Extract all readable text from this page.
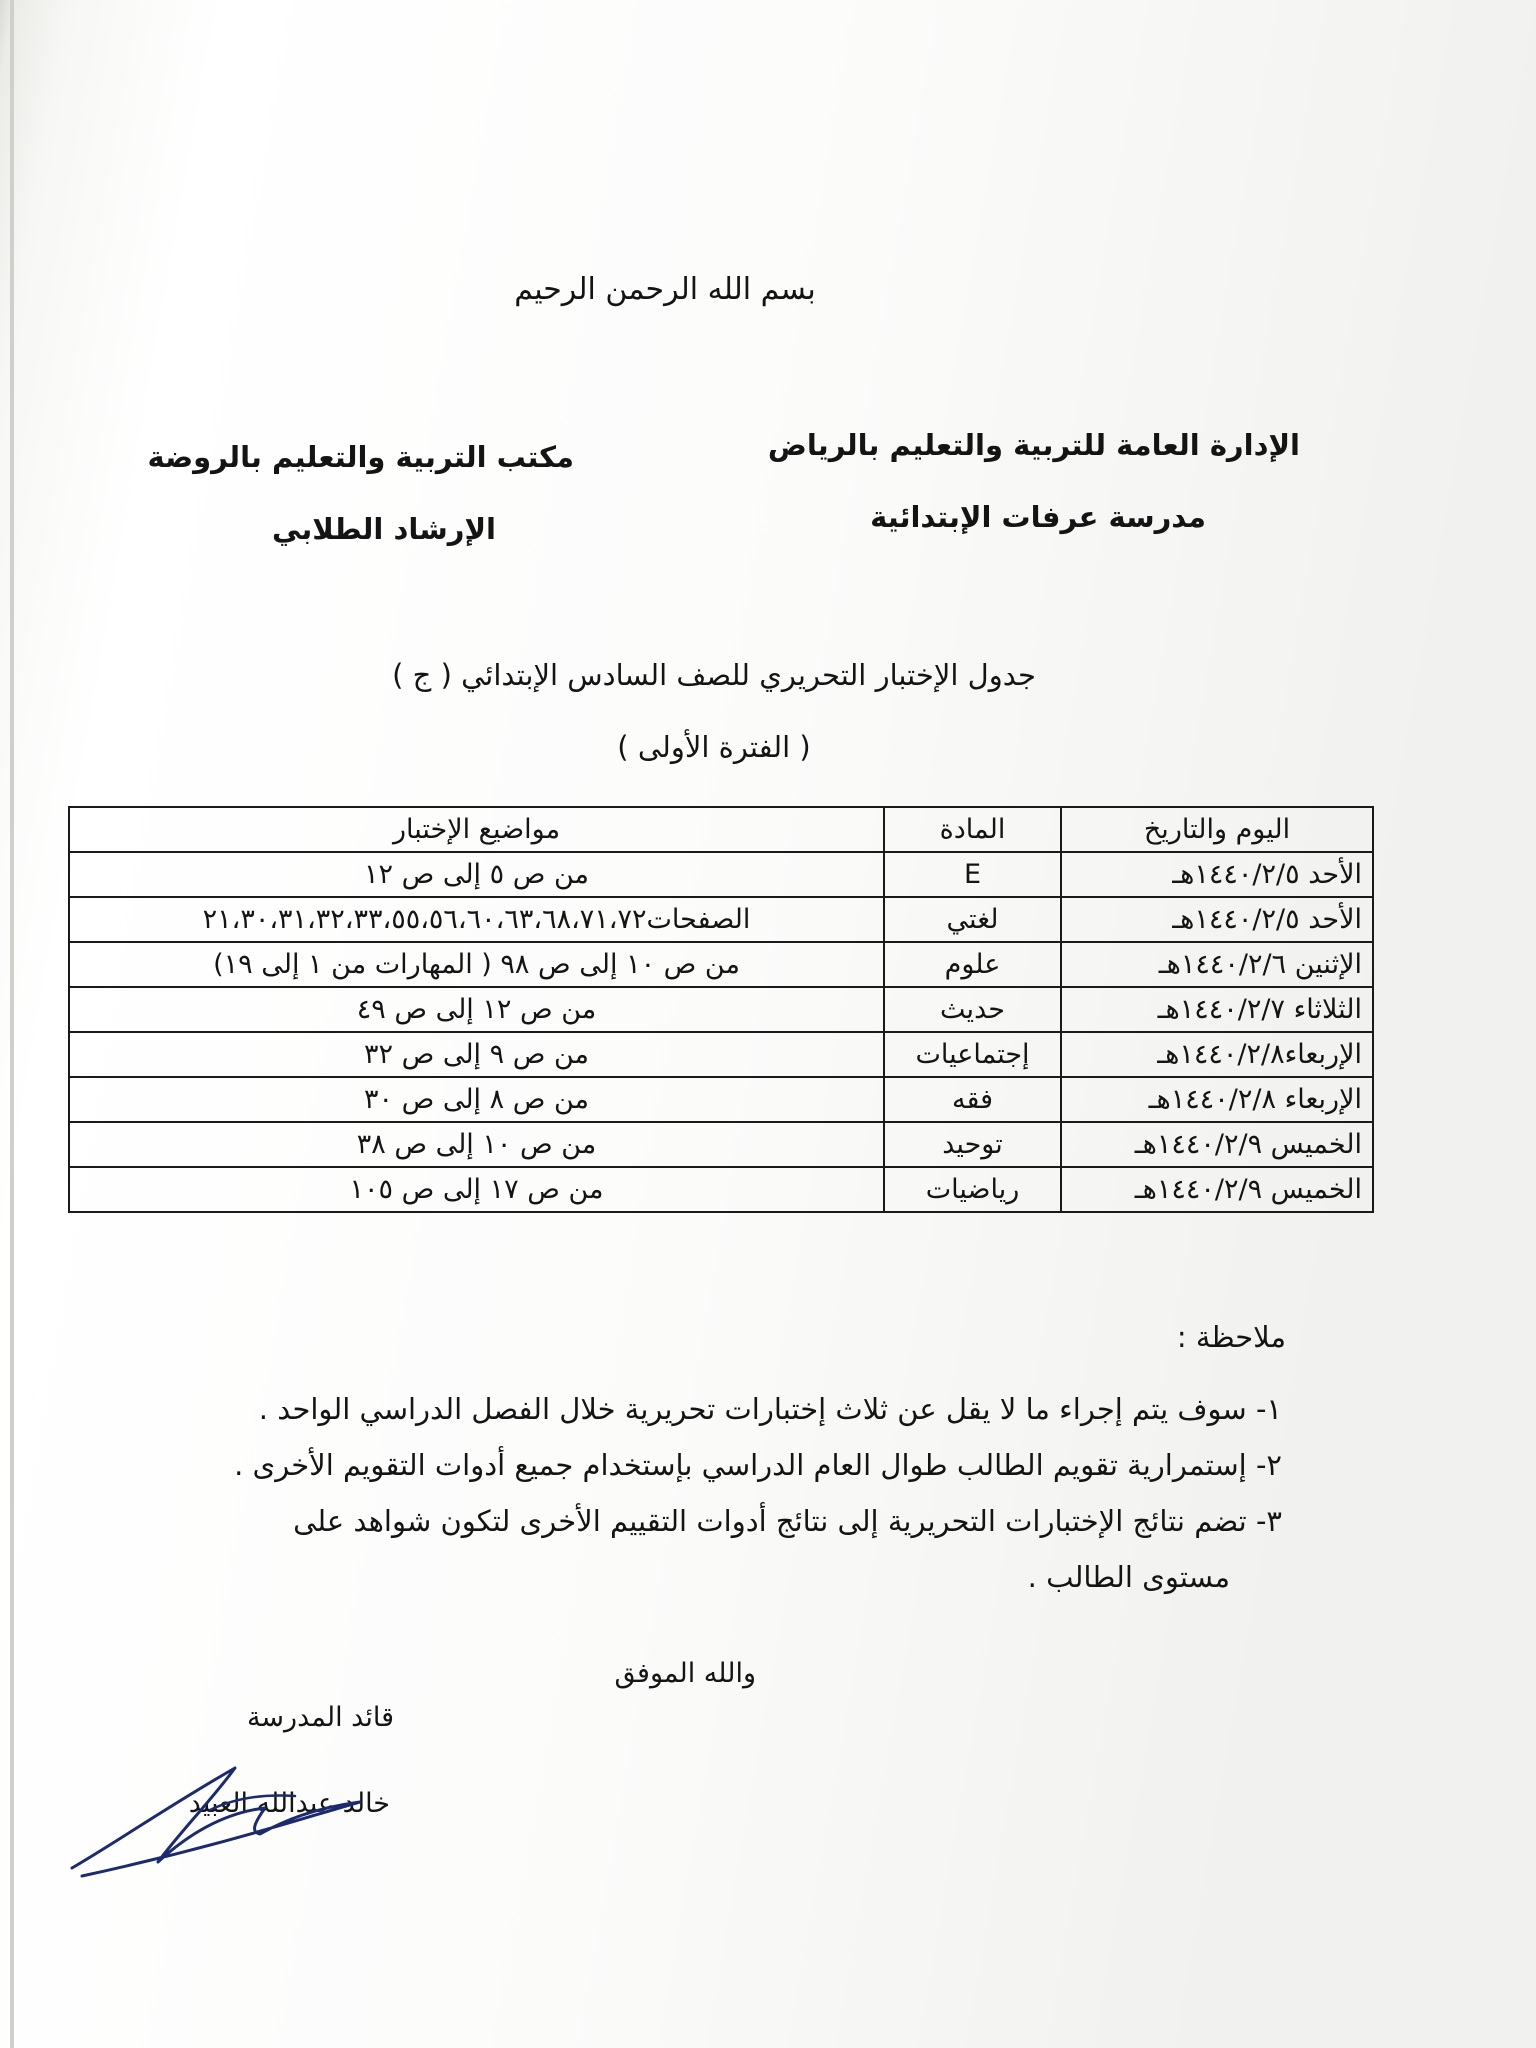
بسم الله الرحمن الرحيم
الإدارة العامة للتربية والتعليم بالرياض
مدرسة عرفات الإبتدائية
مكتب التربية والتعليم بالروضة
الإرشاد الطلابي
جدول الإختبار التحريري للصف السادس الإبتدائي ( ج )
( الفترة الأولى )
اليوم والتاريخ	المادة	مواضيع الإختبار
الأحد ١٤٤٠/٢/٥هـ	E	من ص ٥ إلى ص ١٢
الأحد ١٤٤٠/٢/٥هـ	لغتي	الصفحات٢١،٣٠،٣١،٣٢،٣٣،٥٥،٥٦،٦٠،٦٣،٦٨،٧١،٧٢
الإثنين ١٤٤٠/٢/٦هـ	علوم	من ص ١٠ إلى ص ٩٨ ( المهارات من ١ إلى ١٩)
الثلاثاء ١٤٤٠/٢/٧هـ	حديث	من ص ١٢ إلى ص ٤٩
الإربعاء١٤٤٠/٢/٨هـ	إجتماعيات	من ص ٩ إلى ص ٣٢
الإربعاء ١٤٤٠/٢/٨هـ	فقه	من ص ٨ إلى ص ٣٠
الخميس ١٤٤٠/٢/٩هـ	توحيد	من ص ١٠ إلى ص ٣٨
الخميس ١٤٤٠/٢/٩هـ	رياضيات	من ص ١٧ إلى ص ١٠٥
ملاحظة :
١- سوف يتم إجراء ما لا يقل عن ثلاث إختبارات تحريرية خلال الفصل الدراسي الواحد .
٢- إستمرارية تقويم الطالب طوال العام الدراسي بإستخدام جميع أدوات التقويم الأخرى .
٣- تضم نتائج الإختبارات التحريرية إلى نتائج أدوات التقييم الأخرى لتكون شواهد على
مستوى الطالب .
والله الموفق
قائد المدرسة
خالد عبدالله العبيد
